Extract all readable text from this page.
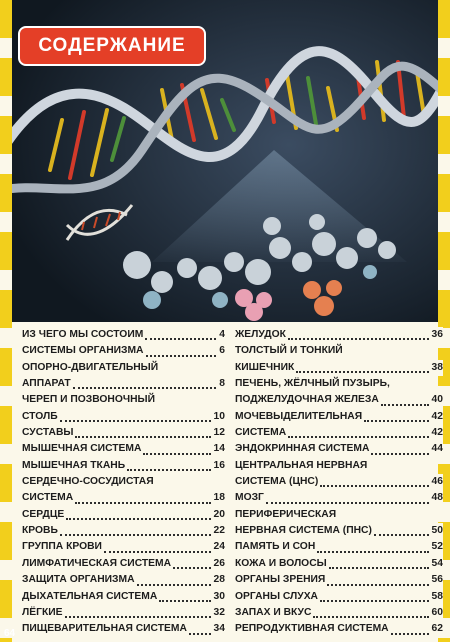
СОДЕРЖАНИЕ
ИЗ ЧЕГО МЫ СОСТОИМ	4
СИСТЕМЫ ОРГАНИЗМА	6
ОПОРНО-ДВИГАТЕЛЬНЫЙ
АППАРАТ	8
ЧЕРЕП И ПОЗВОНОЧНЫЙ
СТОЛБ	10
СУСТАВЫ	12
МЫШЕЧНАЯ СИСТЕМА	14
МЫШЕЧНАЯ ТКАНЬ	16
СЕРДЕЧНО-СОСУДИСТАЯ
СИСТЕМА	18
СЕРДЦЕ	20
КРОВЬ	22
ГРУППА КРОВИ	24
ЛИМФАТИЧЕСКАЯ СИСТЕМА	26
ЗАЩИТА ОРГАНИЗМА	28
ДЫХАТЕЛЬНАЯ СИСТЕМА	30
ЛЁГКИЕ	32
ПИЩЕВАРИТЕЛЬНАЯ СИСТЕМА	34
ЖЕЛУДОК	36
ТОЛСТЫЙ И ТОНКИЙ
КИШЕЧНИК	38
ПЕЧЕНЬ, ЖЁЛЧНЫЙ ПУЗЫРЬ,
ПОДЖЕЛУДОЧНАЯ ЖЕЛЕЗА	40
МОЧЕВЫДЕЛИТЕЛЬНАЯ	42
СИСТЕМА	42
ЭНДОКРИННАЯ СИСТЕМА	44
ЦЕНТРАЛЬНАЯ НЕРВНАЯ
СИСТЕМА (ЦНС)	46
МОЗГ	48
ПЕРИФЕРИЧЕСКАЯ
НЕРВНАЯ СИСТЕМА (ПНС)	50
ПАМЯТЬ И СОН	52
КОЖА И ВОЛОСЫ	54
ОРГАНЫ ЗРЕНИЯ	56
ОРГАНЫ СЛУХА	58
ЗАПАХ И ВКУС	60
РЕПРОДУКТИВНАЯ СИСТЕМА	62
64
